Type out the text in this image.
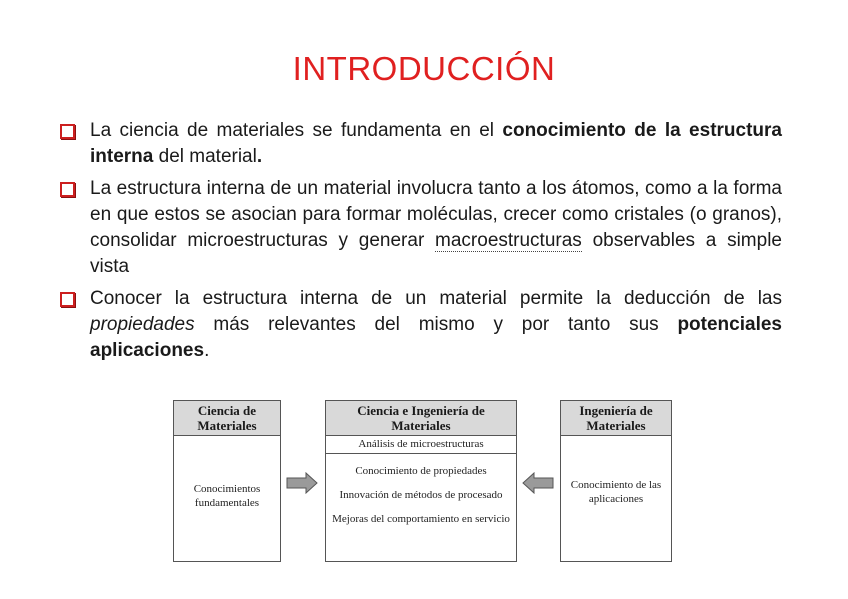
INTRODUCCIÓN
La ciencia de materiales se fundamenta en el conocimiento de la estructura interna del material.
La estructura interna de un material involucra tanto a los átomos, como a la forma en que estos se asocian para formar moléculas, crecer como cristales (o granos), consolidar microestructuras y generar macroestructuras observables a simple vista
Conocer la estructura interna de un material permite la deducción de las propiedades más relevantes del mismo y por tanto sus potenciales aplicaciones.
Ciencia de Materiales
Conocimientos fundamentales
Ciencia e Ingeniería de Materiales
Análisis de microestructuras
Conocimiento de propiedades
Innovación de métodos de procesado
Mejoras del comportamiento en servicio
Ingeniería de Materiales
Conocimiento de las aplicaciones
